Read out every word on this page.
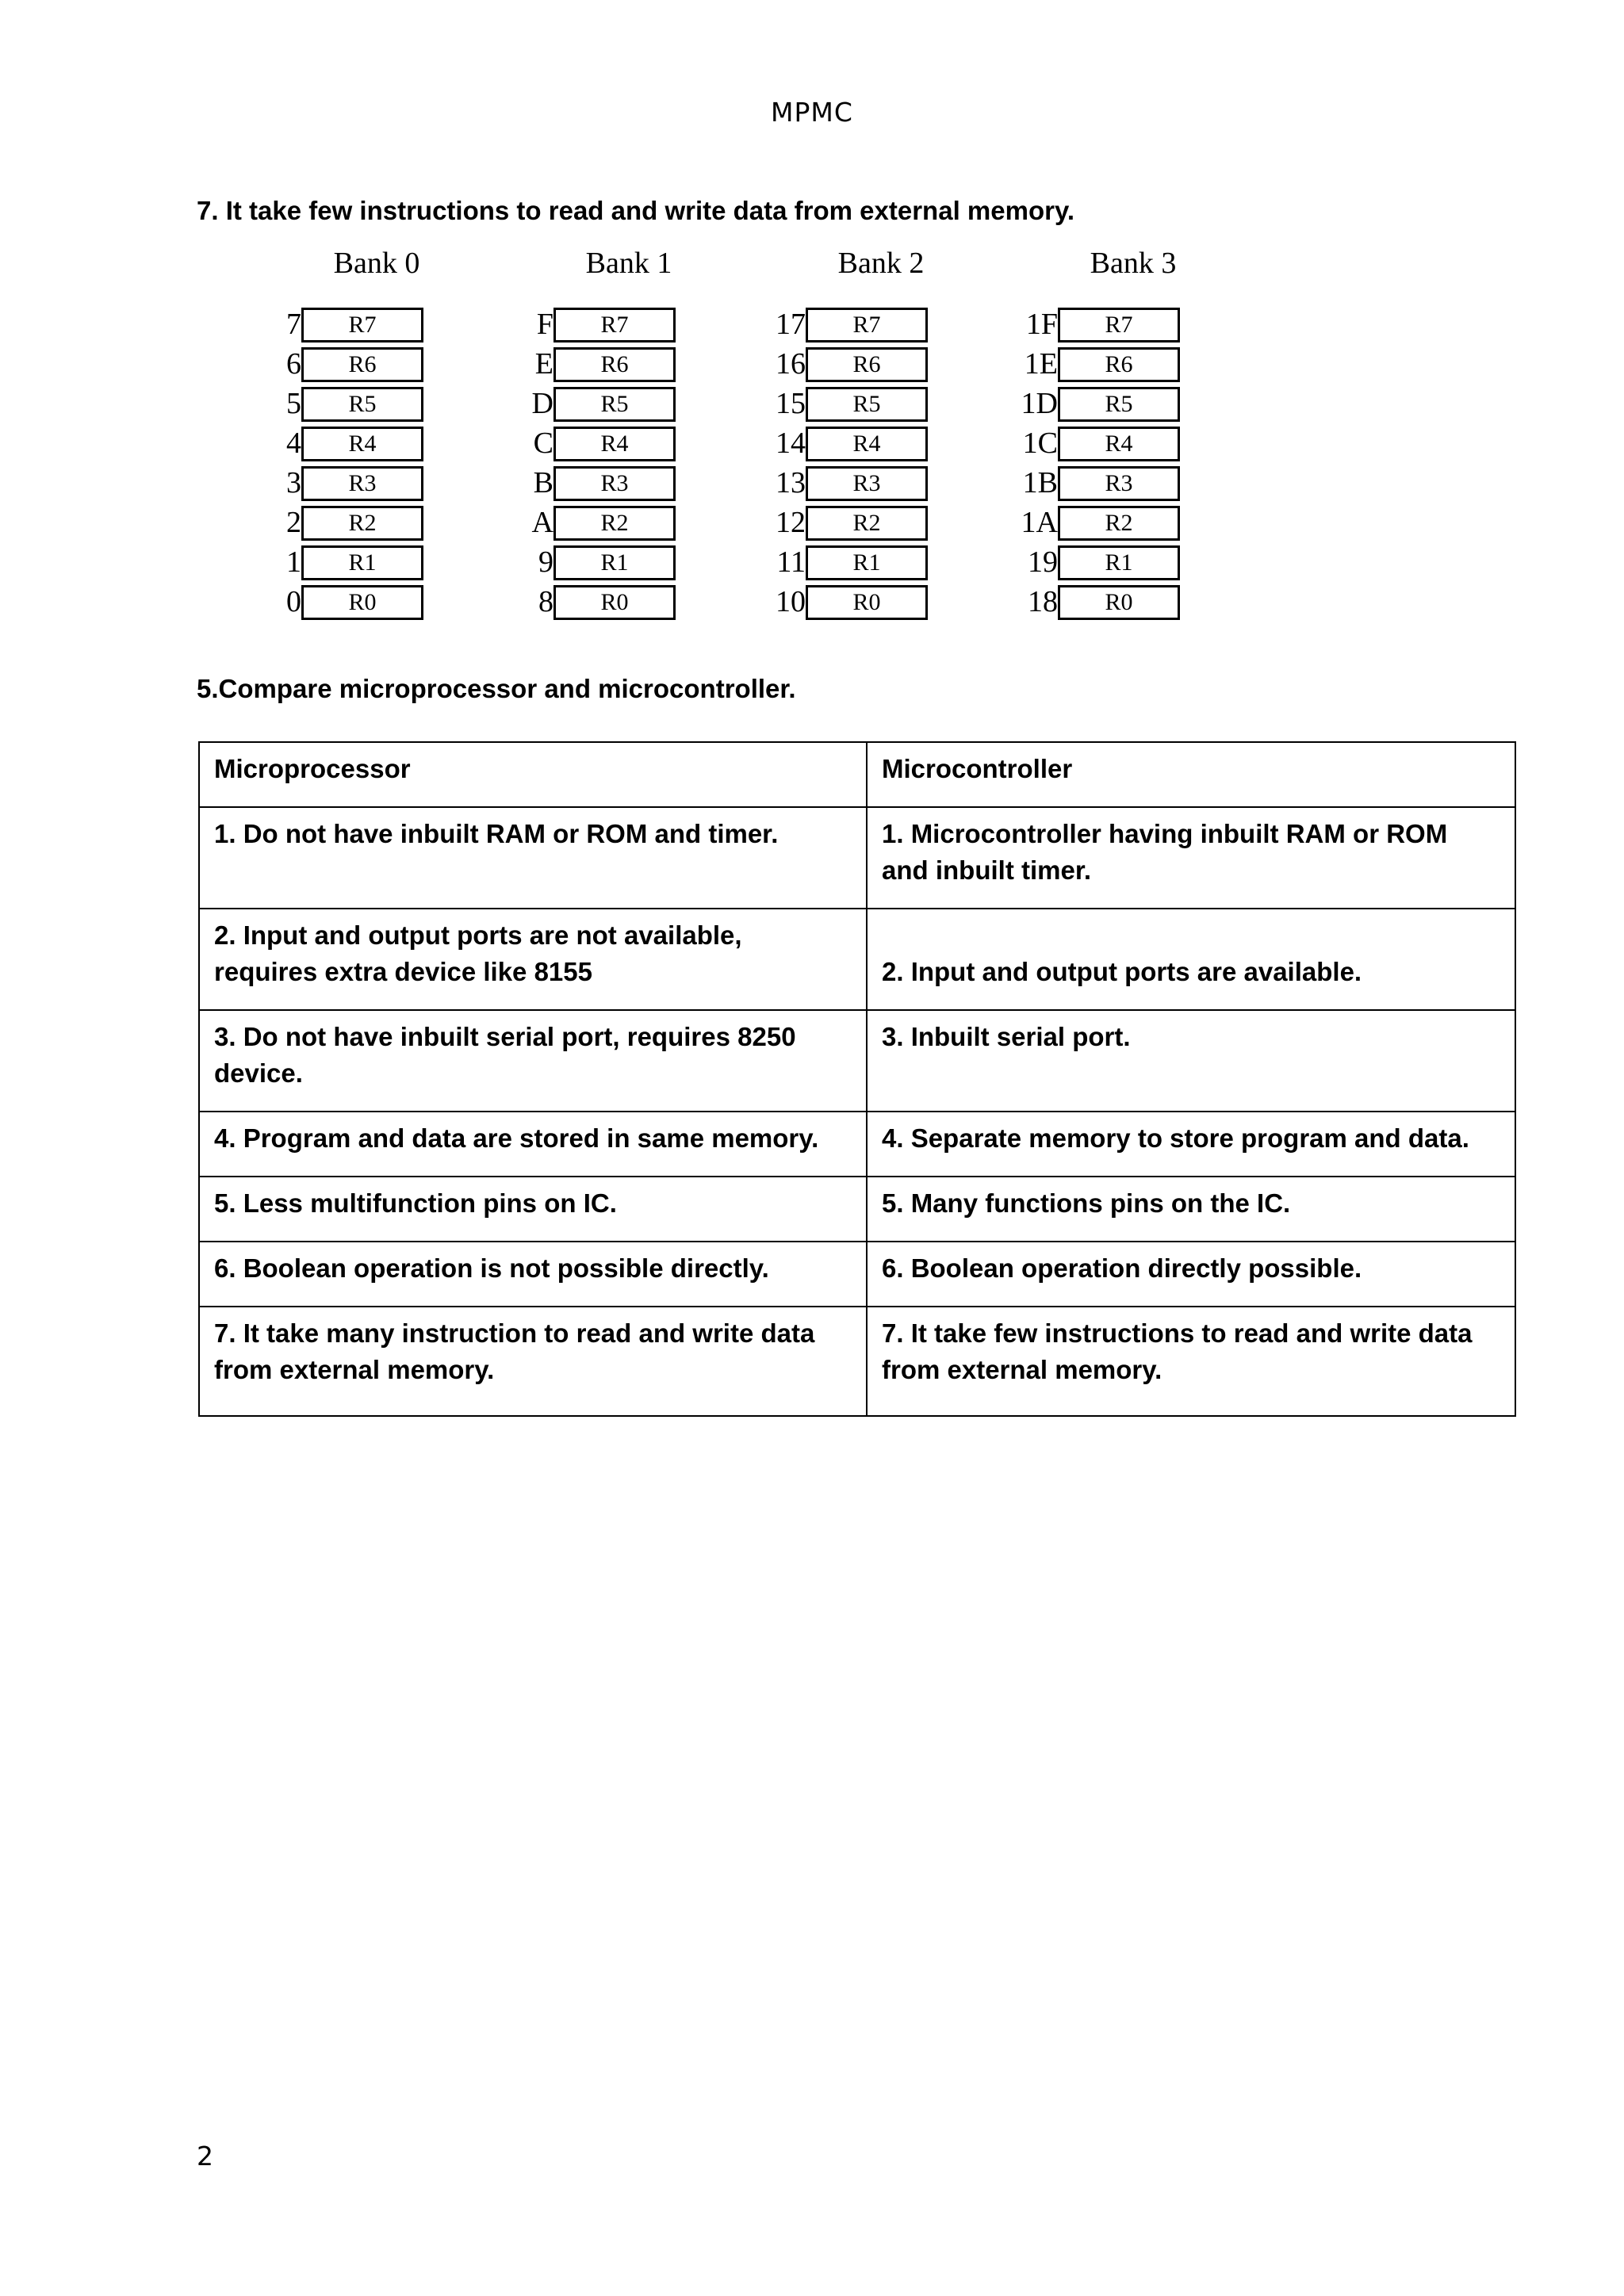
MPMC
7. It take few instructions to read and write data from external memory.
Bank 0
7	R7
6	R6
5	R5
4	R4
3	R3
2	R2
1	R1
0	R0
Bank 1
F	R7
E	R6
D	R5
C	R4
B	R3
A	R2
9	R1
8	R0
Bank 2
17	R7
16	R6
15	R5
14	R4
13	R3
12	R2
11	R1
10	R0
Bank 3
1F	R7
1E	R6
1D	R5
1C	R4
1B	R3
1A	R2
19	R1
18	R0
5.Compare microprocessor and microcontroller.
Microprocessor	Microcontroller
1. Do not have inbuilt RAM or ROM and timer.	1. Microcontroller having inbuilt RAM or ROM and inbuilt timer.
2. Input and output ports are not available, requires extra device like 8155	2. Input and output ports are available.
3. Do not have inbuilt serial port, requires 8250 device.	3. Inbuilt serial port.
4. Program and data are stored in same memory.	4. Separate memory to store program and data.
5. Less multifunction pins on IC.	5. Many functions pins on the IC.
6. Boolean operation is not possible directly.	6. Boolean operation directly possible.
7. It take many instruction to read and write data from external memory.	7. It take few instructions to read and write data from external memory.
2
